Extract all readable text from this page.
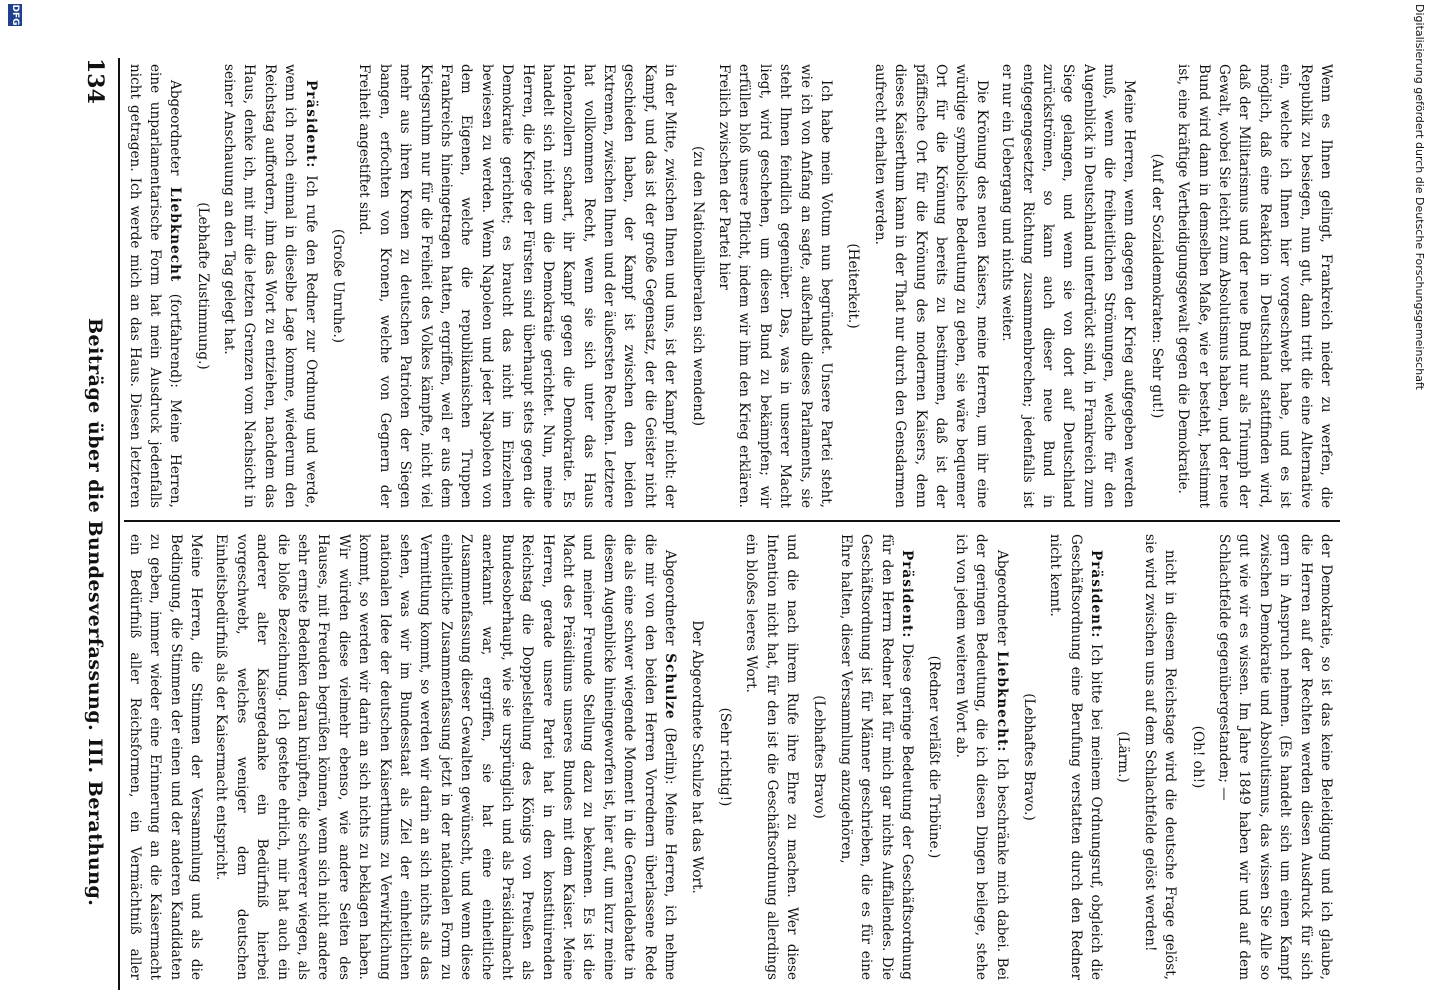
134
Beiträge über die Bundesverfassung. III. Berathung.

Wenn es Ihnen gelingt, Frankreich nieder zu werfen, die Republik zu besiegen, nun gut, dann tritt die eine Alternative ein, welche ich Ihnen hier vorgeschwebt habe, und es ist möglich, daß eine Reaktion in Deutschland stattfinden wird, daß der Militarismus und der neue Bund nur als Triumph der Gewalt, wobei Sie leicht zum Absolutismus haben, und der neue Bund wird dann in demselben Maße, wie er besteht, bestimmt ist, eine kräftige Vertheidigungsgewalt gegen die Demokratie.

(Auf der Sozialdemokraten: Sehr gut!)

Meine Herren, wenn dagegen der Krieg aufgegeben werden muß, wenn die freiheitlichen Strömungen, welche für den Augenblick in Deutschland unterdrückt sind, in Frankreich zum Siege gelangen, und wenn sie von dort auf Deutschland zurückströmen, so kann auch dieser neue Bund in entgegengesetzter Richtung zusammenbrechen; jedenfalls ist er nur ein Uebergang und nichts weiter.

Die Krönung des neuen Kaisers, meine Herren, um ihr eine würdige symbolische Bedeutung zu geben, sie wäre bequemer Ort für die Krönung bereits zu bestimmen, daß ist der pfäffische Ort für die Krönung des modernen Kaisers, denn dieses Kaiserthum kann in der That nur durch den Gensdarmen aufrecht erhalten werden.

(Heiterkeit.)

Ich habe mein Votum nun begründet. Unsere Partei steht, wie ich von Anfang an sagte, außerhalb dieses Parlaments, sie steht Ihnen feindlich gegenüber. Das, was in unserer Macht liegt, wird geschehen, um diesen Bund zu bekämpfen; wir erfüllen bloß unsere Pflicht, indem wir ihm den Krieg erklären. Freilich zwischen der Partei hier

(zu den Nationalliberalen sich wendend)

in der Mitte, zwischen Ihnen und uns, ist der Kampf nicht: der Kampf, und das ist der große Gegensatz, der die Geister nicht geschieden haben, der Kampf ist zwischen den beiden Extremen, zwischen Ihnen und der äußersten Rechten. Letztere hat vollkommen Recht, wenn sie sich unter das Haus Hohenzollern schaart, ihr Kampf gegen die Demokratie. Es handelt sich nicht um die Demokratie gerichtet. Nun, meine Herren, die Kriege der Fürsten sind überhaupt stets gegen die Demokratie gerichtet; es braucht das nicht im Einzelnen bewiesen zu werden. Wenn Napoleon und jeder Napoleon von dem Eigenen, welche die republikanischen Truppen Frankreichs hineingetragen hatten, ergriffen, weil er aus dem Kriegsruhm nur für die Freiheit des Volkes kämpfte, nicht viel mehr aus ihren Kronen zu deutschen Patrioten der Siegen bangen, erfochten von Kronen, welche von Gegnern der Freiheit angestiftet sind.

(Große Unruhe.)

Präsident: Ich rufe den Redner zur Ordnung und werde, wenn ich noch einmal in dieselbe Lage komme, wiederum den Reichstag auffordern, ihm das Wort zu entziehen, nachdem das Haus, denke ich, mit mir die letzten Grenzen vom Nachsicht in seiner Anschauung an den Tag gelegt hat.

(Lebhafte Zustimmung.)

Abgeordneter Liebknecht (fortfahrend): Meine Herren, eine unparlamentarische Form hat mein Ausdruck jedenfalls nicht getragen. Ich werde mich an das Haus. Diesen letzteren

der Demokratie, so ist das keine Beleidigung und ich glaube, die Herren auf der Rechten werden diesen Ausdruck für sich gern in Anspruch nehmen. (Es handelt sich um einen Kampf zwischen Demokratie und Absolutismus, das wissen Sie Alle so gut wie wir es wissen. Im Jahre 1849 haben wir und auf dem Schlachtfelde gegenübergestanden; —

(Oh! oh!)

nicht in diesem Reichstage wird die deutsche Frage gelöst, sie wird zwischen uns auf dem Schlachtfelde gelöst werden!

(Lärm.)

Präsident: Ich bitte bei meinem Ordnungsruf, obgleich die Geschäftsordnung eine Berufung verstatten durch den Redner nicht kennt.

(Lebhaftes Bravo.)

Abgeordneter Liebknecht: Ich beschränke mich dabei. Bei der geringen Bedeutung, die ich diesen Dingen beilege, stehe ich von jedem weiteren Wort ab.

(Redner verläßt die Tribüne.)

Präsident: Diese geringe Bedeutung der Geschäftsordnung für den Herrn Redner hat für mich gar nichts Auffallendes. Die Geschäftsordnung ist für Männer geschrieben, die es für eine Ehre halten, dieser Versammlung anzugehören,

(Lebhaftes Bravo)

und die nach ihrem Rufe ihre Ehre zu machen. Wer diese Intention nicht hat, für den ist die Geschäftsordnung allerdings ein bloßes leeres Wort.

(Sehr richtig!)

Der Abgeordnete Schulze hat das Wort.

Abgeordneter Schulze (Berlin): Meine Herren, ich nehme die mir von den beiden Herren Vorrednern überlassene Rede die als eine schwer wiegende Moment in die Generaldebatte in diesem Augenblicke hineingeworfen ist, hier auf, um kurz meine und meiner Freunde Stellung dazu zu bekennen. Es ist die Macht des Präsidiums unseres Bundes mit dem Kaiser. Meine Herren, gerade unsere Partei hat in dem konstituirenden Reichstag die Doppelstellung des Königs von Preußen als Bundesoberhaupt, wie sie ursprünglich und als Präsidialmacht anerkannt war, ergriffen, sie hat eine einheitliche Zusammenfassung dieser Gewalten gewünscht, und wenn diese einheitliche Zusammenfassung jetzt in der nationalen Form zu Vermittlung kommt, so werden wir darin an sich nichts als das sehen, was wir im Bundesstaat als Ziel der einheitlichen nationalen Idee der deutschen Kaiserthums zu Verwirklichung kommt, so werden wir darin an sich nichts zu beklagen haben. Wir würden diese vielmehr ebenso, wie andere Seiten des Hauses, mit Freuden begrüßen können, wenn sich nicht andere sehr ernste Bedenken daran knüpften, die schwerer wiegen, als die bloße Bezeichnung. Ich gestehe ehrlich, mir hat auch ein anderer alter Kaisergedanke ein Bedürfniß hierbei vorgeschwebt, welches weniger dem deutschen Einheitsbedürfniß als der Kaisermacht entspricht.

Meine Herren, die Stimmen der Versammlung und als die Bedingung, die Stimmen der einen und der anderen Kandidaten zu geben, immer wieder eine Erinnerung an die Kaisermacht ein Bedürfniß aller Reichsformen, ein Vermächtniß aller

Digitalisierung gefördert durch die Deutsche Forschungsgemeinschaft
DFG
